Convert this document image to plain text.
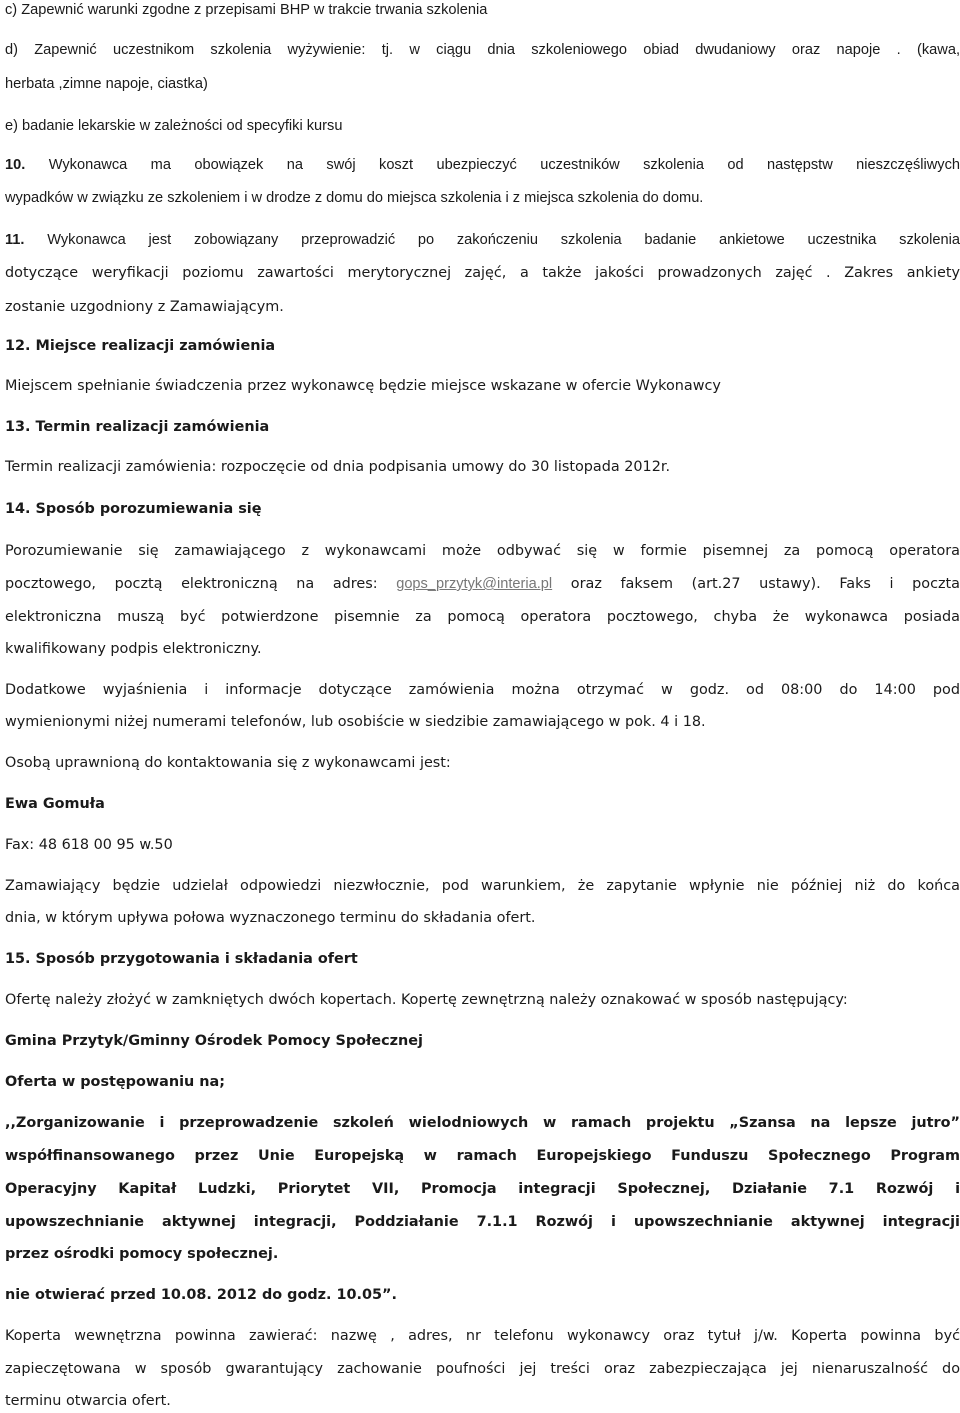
c) Zapewnić warunki zgodne z przepisami BHP w trakcie trwania szkolenia
d) Zapewnić uczestnikom szkolenia wyżywienie: tj. w ciągu dnia szkoleniowego obiad dwudaniowy oraz napoje . (kawa,
herbata ,zimne napoje, ciastka)
e) badanie lekarskie w zależności od specyfiki kursu
10. Wykonawca ma obowiązek na swój koszt ubezpieczyć uczestników szkolenia od następstw nieszczęśliwych
wypadków w związku ze szkoleniem i w drodze z domu do miejsca szkolenia i z miejsca szkolenia do domu.
11. Wykonawca jest zobowiązany przeprowadzić po zakończeniu szkolenia badanie ankietowe uczestnika szkolenia
dotyczące weryfikacji poziomu zawartości merytorycznej zajęć, a także jakości prowadzonych zajęć . Zakres ankiety
zostanie uzgodniony z Zamawiającym.
12. Miejsce realizacji zamówienia
Miejscem spełnianie świadczenia przez wykonawcę będzie miejsce wskazane w ofercie Wykonawcy
13. Termin realizacji zamówienia
Termin realizacji zamówienia: rozpoczęcie od dnia podpisania umowy do 30 listopada 2012r.
14. Sposób porozumiewania się
Porozumiewanie się zamawiającego z wykonawcami może odbywać się w formie pisemnej za pomocą operatora
pocztowego, pocztą elektroniczną na adres: gops_przytyk@interia.pl oraz faksem (art.27 ustawy). Faks i poczta
elektroniczna muszą być potwierdzone pisemnie za pomocą operatora pocztowego, chyba że wykonawca posiada
kwalifikowany podpis elektroniczny.
Dodatkowe wyjaśnienia i informacje dotyczące zamówienia można otrzymać w godz. od 08:00 do 14:00 pod
wymienionymi niżej numerami telefonów, lub osobiście w siedzibie zamawiającego w pok. 4 i 18.
Osobą uprawnioną do kontaktowania się z wykonawcami jest:
Ewa Gomuła
Fax: 48 618 00 95 w.50
Zamawiający będzie udzielał odpowiedzi niezwłocznie, pod warunkiem, że zapytanie wpłynie nie później niż do końca
dnia, w którym upływa połowa wyznaczonego terminu do składania ofert.
15. Sposób przygotowania i składania ofert
Ofertę należy złożyć w zamkniętych dwóch kopertach. Kopertę zewnętrzną należy oznakować w sposób następujący:
Gmina Przytyk/Gminny Ośrodek Pomocy Społecznej
Oferta w postępowaniu na;
,,Zorganizowanie i przeprowadzenie szkoleń wielodniowych w ramach projektu „Szansa na lepsze jutro”
współfinansowanego przez Unie Europejską w ramach Europejskiego Funduszu Społecznego Program
Operacyjny Kapitał Ludzki, Priorytet VII, Promocja integracji Społecznej, Działanie 7.1 Rozwój i
upowszechnianie aktywnej integracji, Poddziałanie 7.1.1 Rozwój i upowszechnianie aktywnej integracji
przez ośrodki pomocy społecznej.
nie otwierać przed 10.08. 2012 do godz. 10.05”.
Koperta wewnętrzna powinna zawierać: nazwę , adres, nr telefonu wykonawcy oraz tytuł j/w. Koperta powinna być
zapieczętowana w sposób gwarantujący zachowanie poufności jej treści oraz zabezpieczająca jej nienaruszalność do
terminu otwarcia ofert.
